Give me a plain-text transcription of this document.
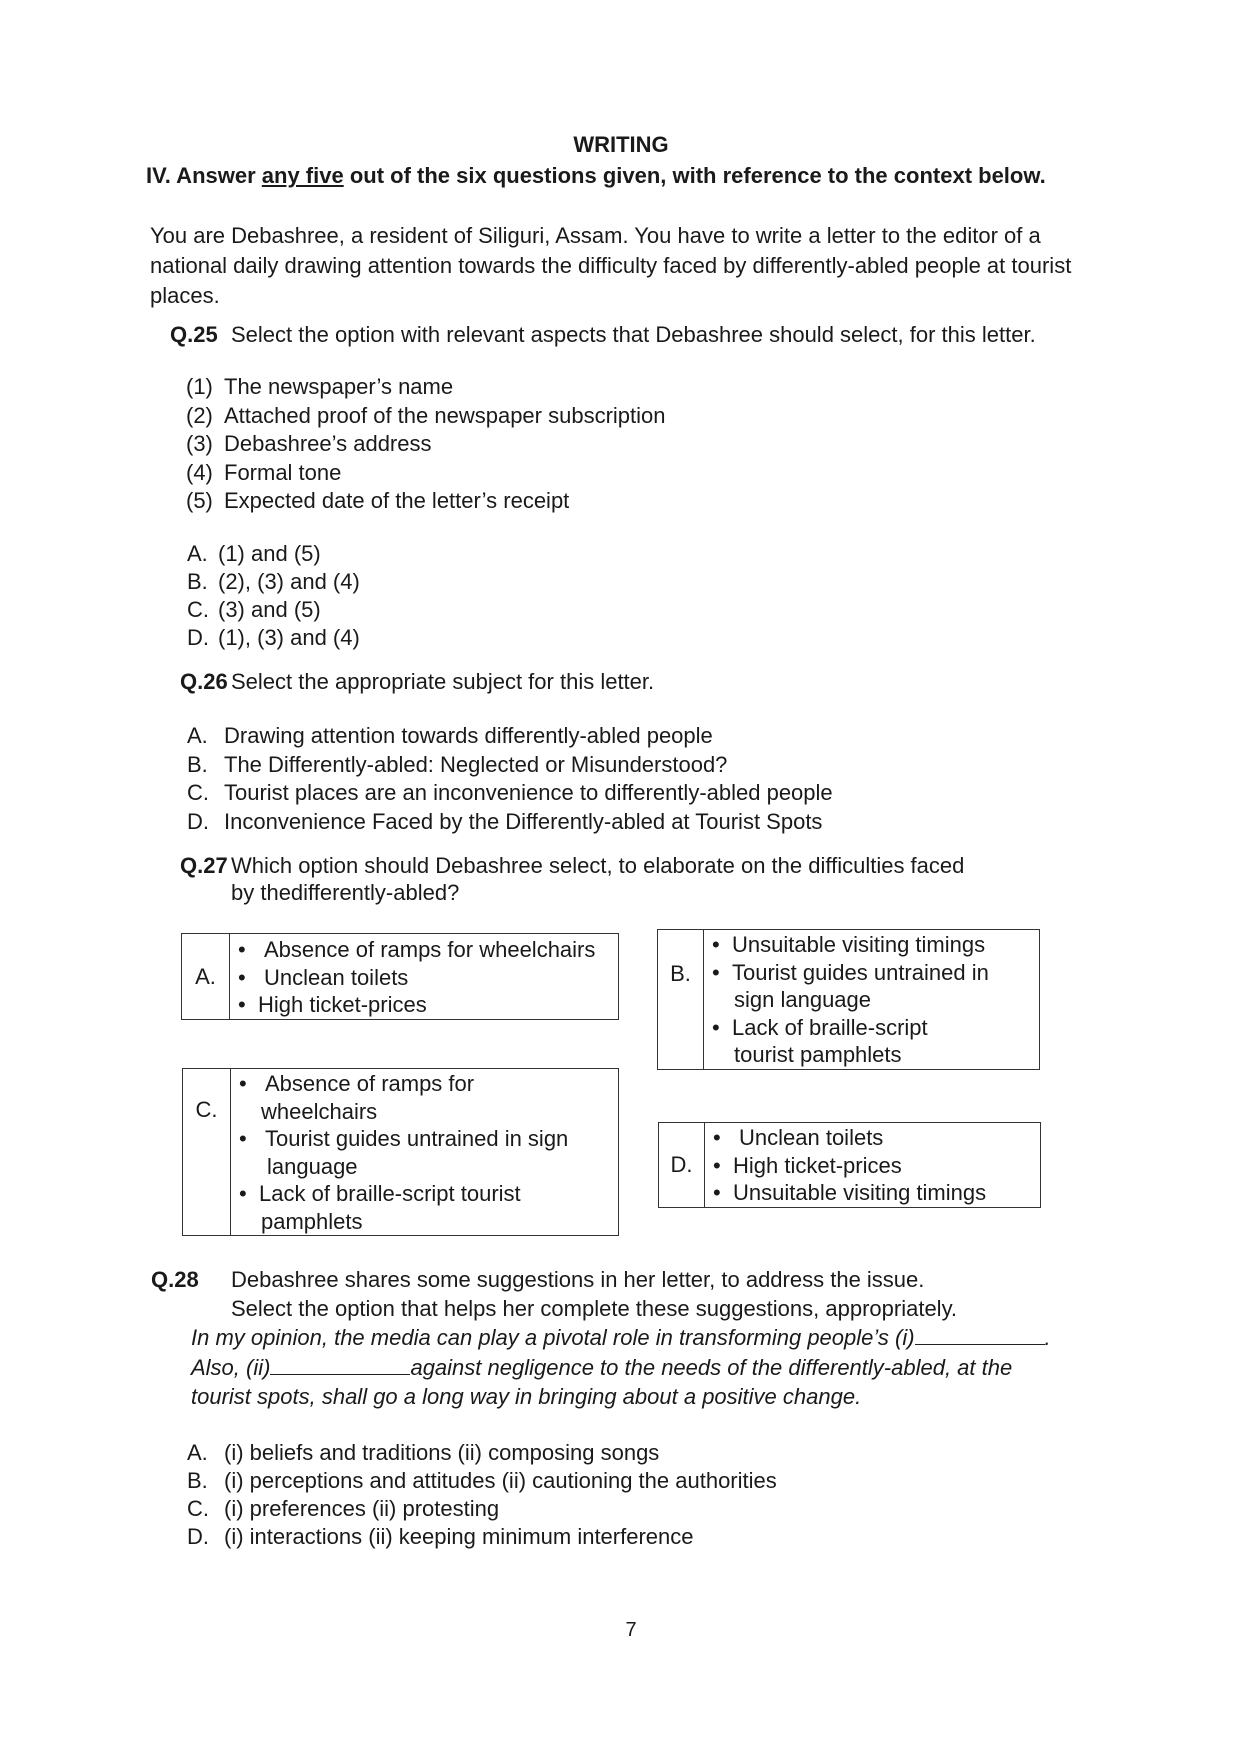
WRITING
IV. Answer any five out of the six questions given, with reference to the context below.
You are Debashree, a resident of Siliguri, Assam. You have to write a letter to the editor of a
national daily drawing attention towards the difficulty faced by differently-abled people at tourist
places.
Q.25 Select the option with relevant aspects that Debashree should select, for this letter.
(1) The newspaper’s name
(2) Attached proof of the newspaper subscription
(3) Debashree’s address
(4) Formal tone
(5) Expected date of the letter’s receipt
A. (1) and (5)
B. (2), (3) and (4)
C. (3) and (5)
D. (1), (3) and (4)
Q.26 Select the appropriate subject for this letter.
A. Drawing attention towards differently-abled people
B. The Differently-abled: Neglected or Misunderstood?
C. Tourist places are an inconvenience to differently-abled people
D. Inconvenience Faced by the Differently-abled at Tourist Spots
Q.27 Which option should Debashree select, to elaborate on the difficulties faced
by thedifferently-abled?
A.	
• Absence of ramps for wheelchairs
• Unclean toilets
• High ticket-prices
B.	
• Unsuitable visiting timings
• Tourist guides untrained in
sign language
• Lack of braille-script
tourist pamphlets
C.	
• Absence of ramps for
wheelchairs
• Tourist guides untrained in sign
language
• Lack of braille-script tourist
pamphlets
D.	
• Unclean toilets
• High ticket-prices
• Unsuitable visiting timings
Q.28 Debashree shares some suggestions in her letter, to address the issue.
Select the option that helps her complete these suggestions, appropriately.
In my opinion, the media can play a pivotal role in transforming people’s (i)	.
Also, (ii)	against negligence to the needs of the differently-abled, at the
tourist spots, shall go a long way in bringing about a positive change.
A. (i) beliefs and traditions (ii) composing songs
B. (i) perceptions and attitudes (ii) cautioning the authorities
C. (i) preferences (ii) protesting
D. (i) interactions (ii) keeping minimum interference
7
